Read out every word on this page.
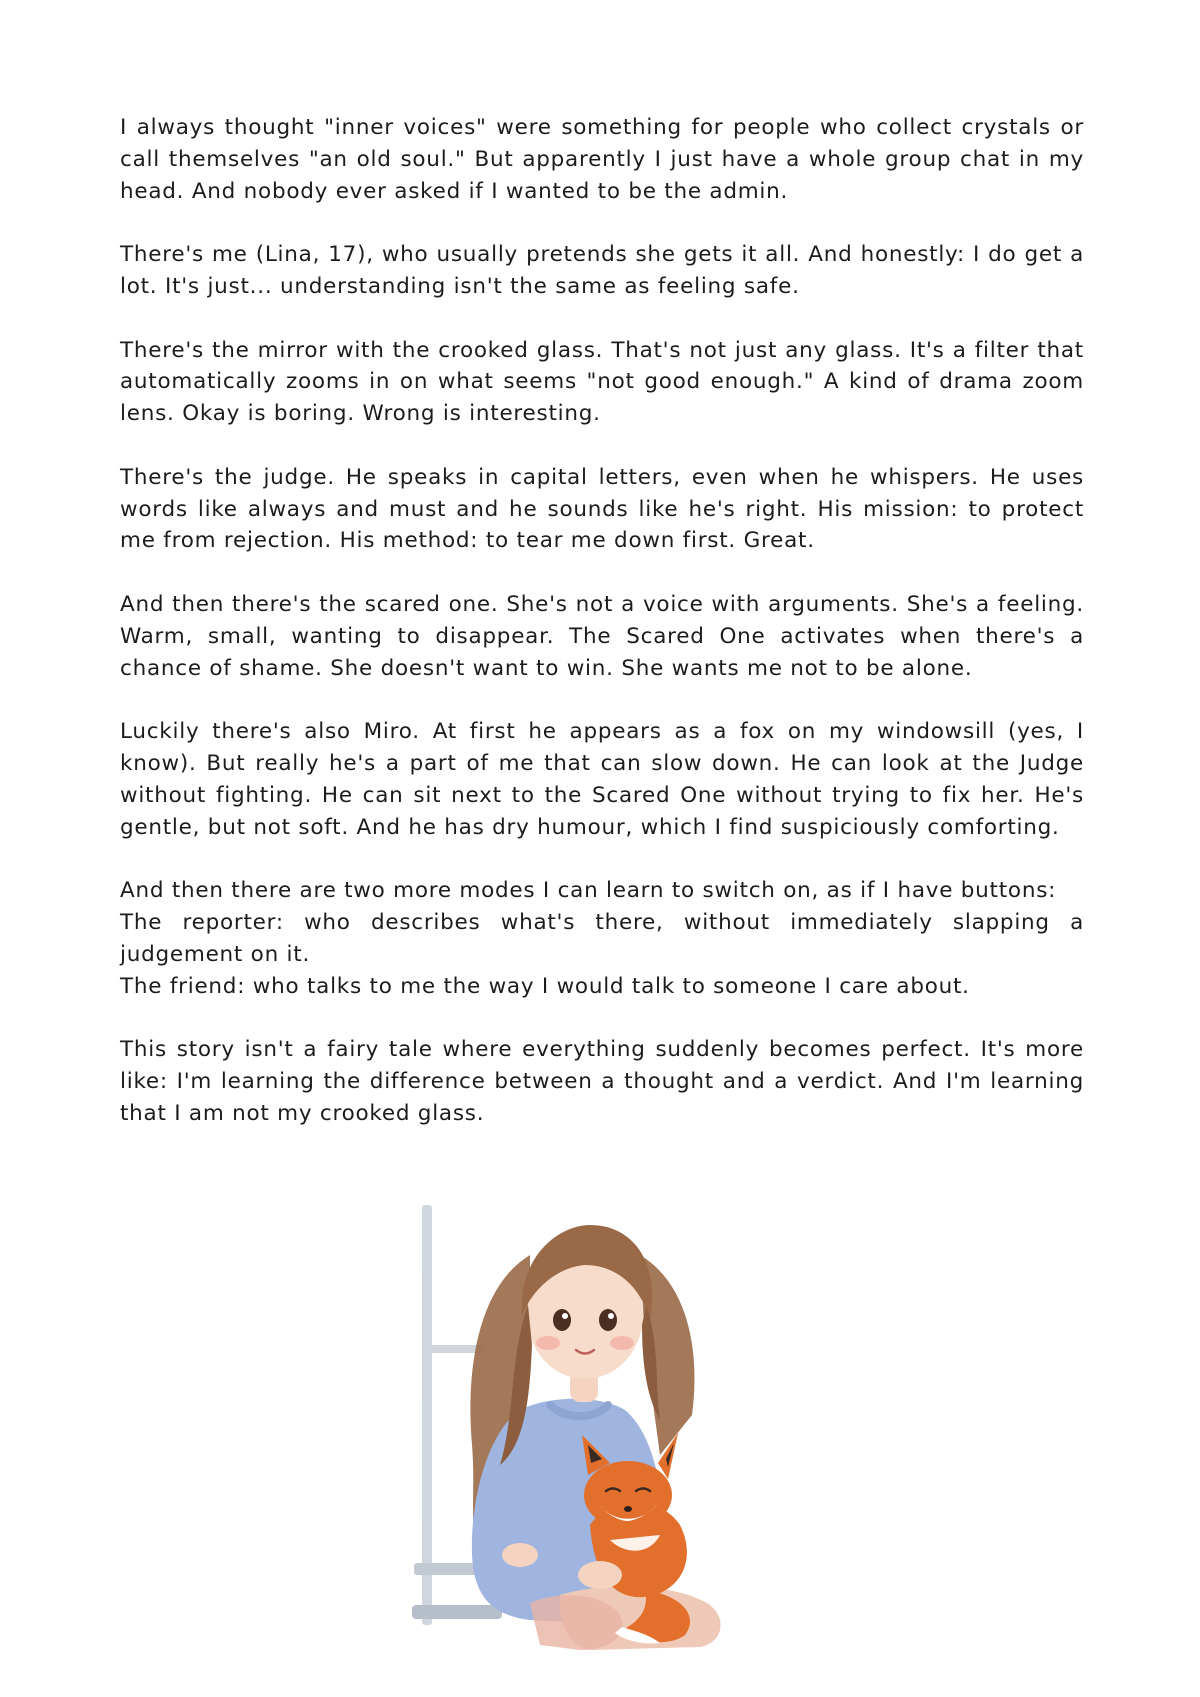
I always thought "inner voices" were something for people who collect crystals or call themselves "an old soul." But apparently I just have a whole group chat in my head. And nobody ever asked if I wanted to be the admin.

There's me (Lina, 17), who usually pretends she gets it all. And honestly: I do get a lot. It's just... understanding isn't the same as feeling safe.

There's the mirror with the crooked glass. That's not just any glass. It's a filter that automatically zooms in on what seems "not good enough." A kind of drama zoom lens. Okay is boring. Wrong is interesting.

There's the judge. He speaks in capital letters, even when he whispers. He uses words like always and must and he sounds like he's right. His mission: to protect me from rejection. His method: to tear me down first. Great.

And then there's the scared one. She's not a voice with arguments. She's a feeling. Warm, small, wanting to disappear. The Scared One activates when there's a chance of shame. She doesn't want to win. She wants me not to be alone.

Luckily there's also Miro. At first he appears as a fox on my windowsill (yes, I know). But really he's a part of me that can slow down. He can look at the Judge without fighting. He can sit next to the Scared One without trying to fix her. He's gentle, but not soft. And he has dry humour, which I find suspiciously comforting.

And then there are two more modes I can learn to switch on, as if I have buttons:

The reporter: who describes what's there, without immediately slapping a judgement on it.

The friend: who talks to me the way I would talk to someone I care about.

This story isn't a fairy tale where everything suddenly becomes perfect. It's more like: I'm learning the difference between a thought and a verdict. And I'm learning that I am not my crooked glass.
